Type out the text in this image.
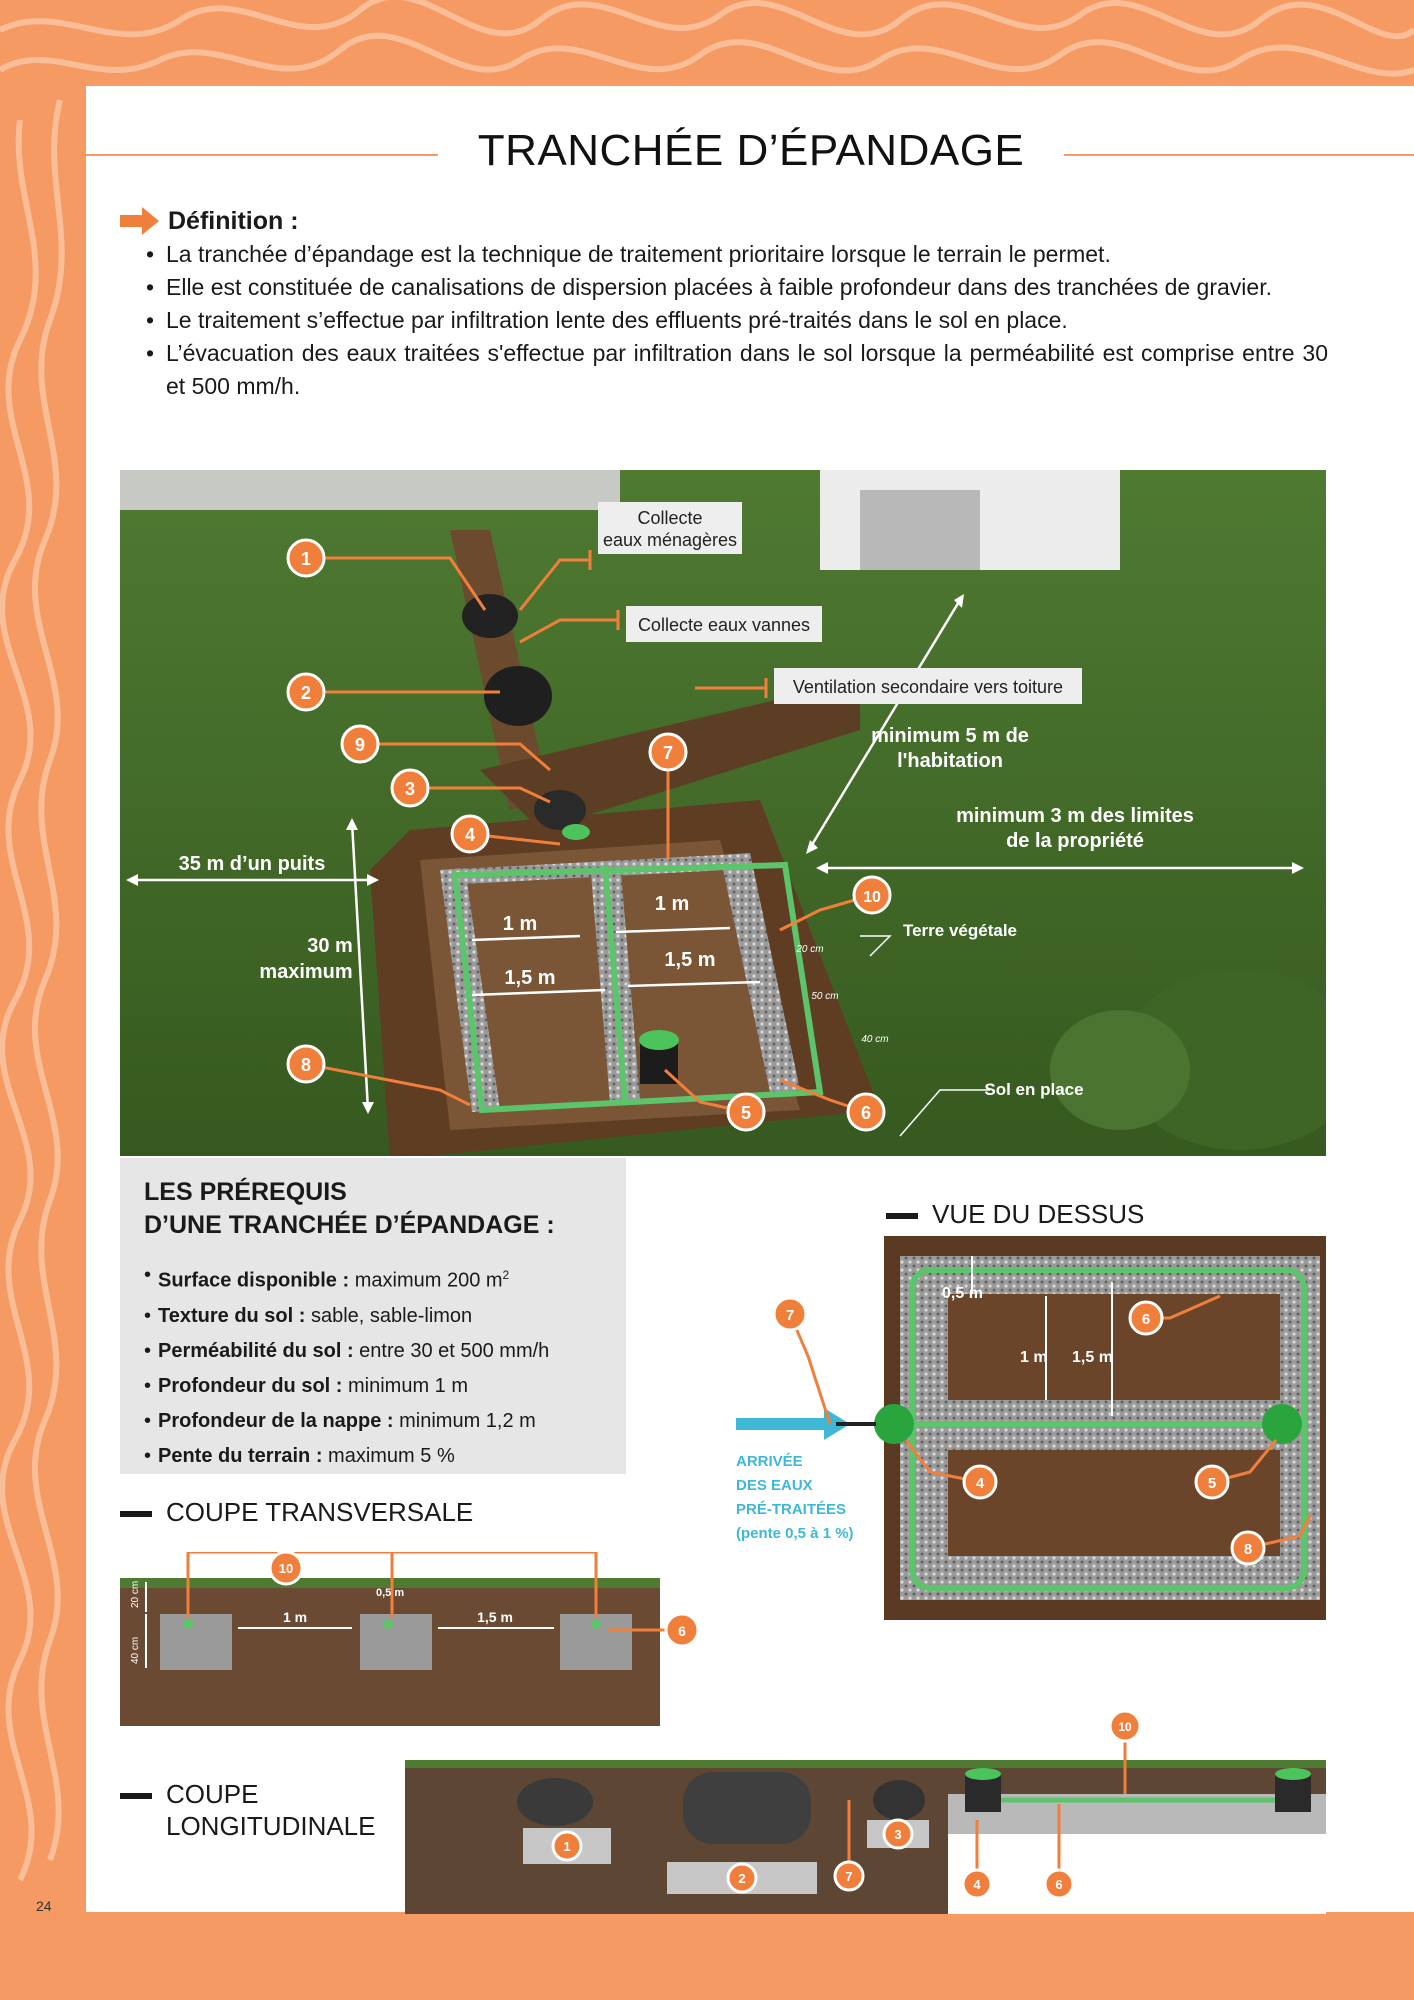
TRANCHÉE D’ÉPANDAGE
Définition :
• La tranchée d’épandage est la technique de traitement prioritaire lorsque le terrain le permet.
• Elle est constituée de canalisations de dispersion placées à faible profondeur dans des tranchées de gravier.
• Le traitement s’effectue par infiltration lente des effluents pré-traités dans le sol en place.
• L’évacuation des eaux traitées s'effectue par infiltration dans le sol lorsque la perméabilité est comprise entre 30 et 500 mm/h.
Collecte
eaux ménagères
Collecte eaux vannes
Ventilation secondaire vers toiture
minimum 5 m de
l'habitation
minimum 3 m des limites
de la propriété
35 m d’un puits
30 m
maximum
1 m
1 m
1,5 m
1,5 m
Terre végétale
Sol en place
20 cm
50 cm
40 cm
1
2
9
3
4
7
10
8
5	6
LES PRÉREQUIS
D’UNE TRANCHÉE D’ÉPANDAGE :
• Surface disponible : maximum 200 $m^2$
• Texture du sol : sable, sable-limon
• Perméabilité du sol : entre 30 et 500 mm/h
• Profondeur du sol : minimum 1 m
• Profondeur de la nappe : minimum 1,2 m
• Pente du terrain : maximum 5 %
VUE DU DESSUS
0,5 m
1 m 1,5 m
ARRIVÉE
DES EAUX
PRÉ-TRAITÉES
(pente 0,5 à 1 %)
7	6
4	5
8
COUPE TRANSVERSALE
1 m	1,5 m
0,5 m
20 cm
40 cm
10
6
COUPE
LONGITUDINALE
10
1
2	7
3
4	6
24
